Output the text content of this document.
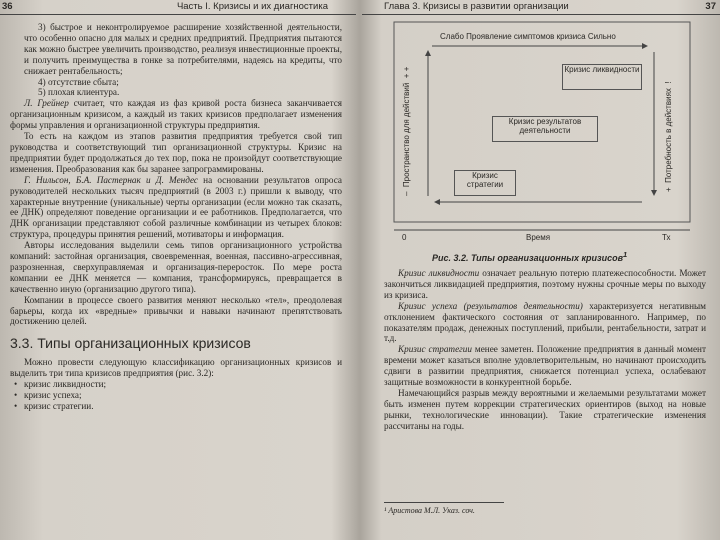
36	Часть I. Кризисы и их диагностика

3) быстрое и неконтролируемое расширение хозяйственной деятельности, что особенно опасно для малых и средних предприятий. Предприятия пытаются как можно быстрее увеличить производство, реализуя инвестиционные проекты, и получить преимущества в гонке за потребителями, надеясь на кредиты, что снижает рентабельность;

4) отсутствие сбыта;

5) плохая клиентура.

Л. Грейнер считает, что каждая из фаз кривой роста бизнеса заканчивается организационным кризисом, а каждый из таких кризисов предполагает изменения формы управления и организационной структуры предприятия.

То есть на каждом из этапов развития предприятия требуется свой тип руководства и соответствующий тип организационной структуры. Кризис на предприятии будет продолжаться до тех пор, пока не произойдут соответствующие изменения. Преобразования как бы заранее запрограммированы.

Г. Нильсон, Б.А. Пастернак и Д. Мендес на основании результатов опроса руководителей нескольких тысяч предприятий (в 2003 г.) пришли к выводу, что характерные внутренние (уникальные) черты организации (если можно так сказать, ее ДНК) определяют поведение организации и ее работников. Предполагается, что ДНК организации представляют собой различные комбинации из четырех блоков: структура, процедуры принятия решений, мотиваторы и информация.

Авторы исследования выделили семь типов организационного устройства компаний: застойная организация, своевременная, военная, пассивно-агрессивная, разрозненная, сверхуправляемая и организация-переросток. По мере роста компании ее ДНК меняется — компания, трансформируясь, превращается в качественно иную (организацию другого типа).

Компании в процессе своего развития меняют несколько «тел», преодолевая барьеры, когда их «вредные» привычки и навыки начинают препятствовать достижению целей.

3.3. Типы организационных кризисов

Можно провести следующую классификацию организационных кризисов и выделить три типа кризисов предприятия (рис. 3.2):

• кризис ликвидности;
• кризис успеха;
• кризис стратегии.
Глава 3. Кризисы в развитии организации	37
Слабо Проявление симптомов кризиса Сильно
–  Пространство для действий  + +
+  Потребность в действиях  !
Кризис ликвидности
Кризис результатов деятельности
Кризис стратегии
0	Время	Тх
Рис. 3.2. Типы организационных кризисов$^1$

Кризис ликвидности означает реальную потерю платежеспособности. Может закончиться ликвидацией предприятия, поэтому нужны срочные меры по выходу из кризиса.

Кризис успеха (результатов деятельности) характеризуется негативным отклонением фактического состояния от запланированного. Например, по показателям продаж, денежных поступлений, прибыли, рентабельности, затрат и т.д.

Кризис стратегии менее заметен. Положение предприятия в данный момент времени может казаться вполне удовлетворительным, но начинают происходить сдвиги в развитии предприятия, снижается потенциал успеха, ослабевают защитные возможности в конкурентной борьбе.

Намечающийся разрыв между вероятными и желаемыми результатами может быть изменен путем коррекции стратегических ориентиров (выход на новые рынки, технологические инновации). Такие стратегические изменения рассчитаны на годы.

¹ Аристова М.Л. Указ. соч.
